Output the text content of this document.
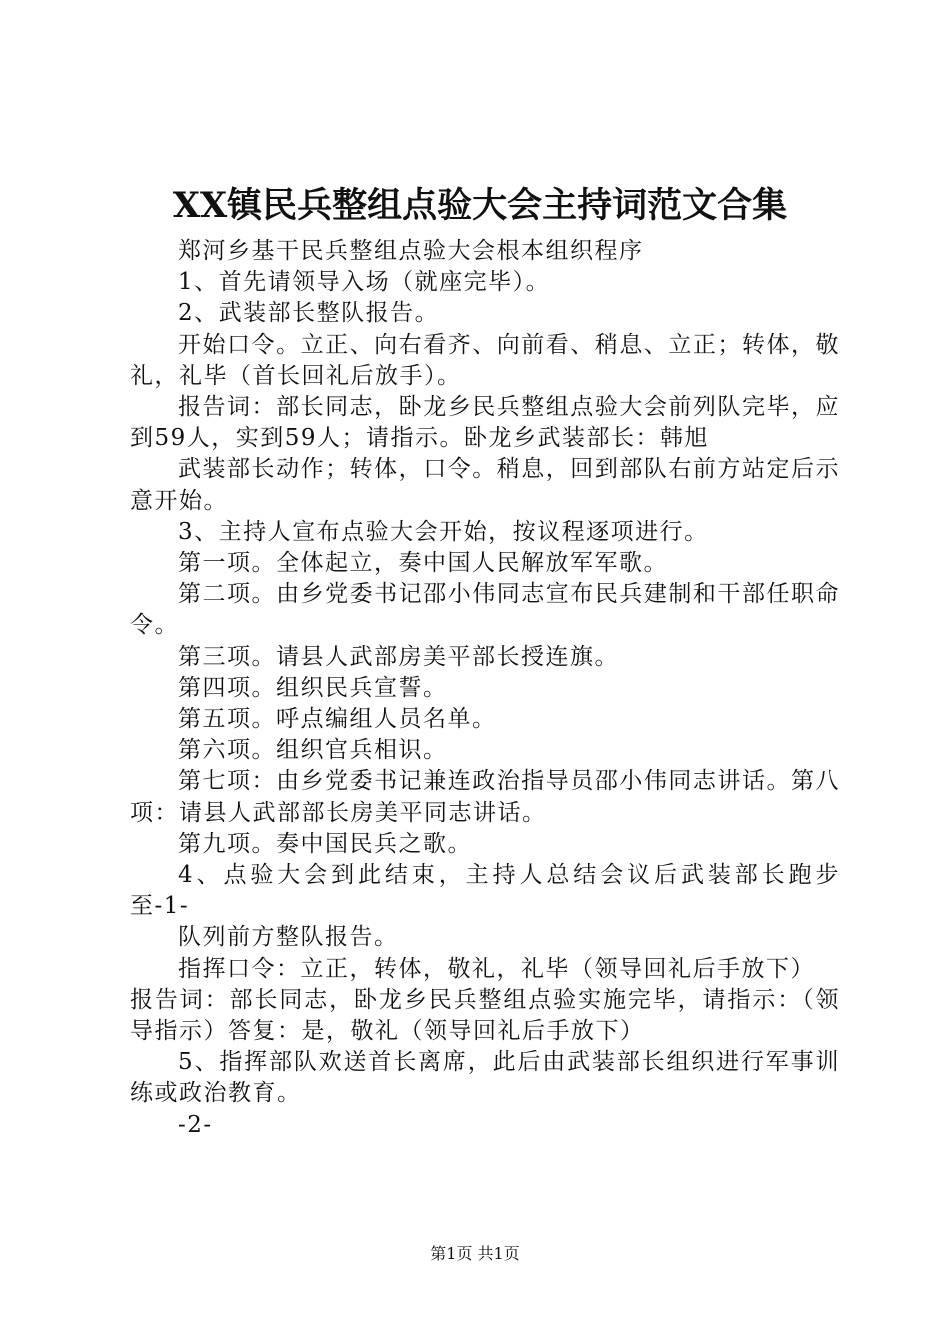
XX镇民兵整组点验大会主持词范文合集

郑河乡基干民兵整组点验大会根本组织程序

1、首先请领导入场（就座完毕）。

2、武装部长整队报告。

开始口令。立正、向右看齐、向前看、稍息、立正；转体，敬礼，礼毕（首长回礼后放手）。

报告词：部长同志，卧龙乡民兵整组点验大会前列队完毕，应到59人，实到59人；请指示。卧龙乡武装部长：韩旭

武装部长动作；转体，口令。稍息，回到部队右前方站定后示意开始。

3、主持人宣布点验大会开始，按议程逐项进行。

第一项。全体起立，奏中国人民解放军军歌。

第二项。由乡党委书记邵小伟同志宣布民兵建制和干部任职命令。

第三项。请县人武部房美平部长授连旗。

第四项。组织民兵宣誓。

第五项。呼点编组人员名单。

第六项。组织官兵相识。

第七项：由乡党委书记兼连政治指导员邵小伟同志讲话。第八项：请县人武部部长房美平同志讲话。

第九项。奏中国民兵之歌。

4、点验大会到此结束，主持人总结会议后武装部长跑步至-1-

队列前方整队报告。

指挥口令：立正，转体，敬礼，礼毕（领导回礼后手放下）

报告词：部长同志，卧龙乡民兵整组点验实施完毕，请指示：（领导指示）答复：是，敬礼（领导回礼后手放下）

5、指挥部队欢送首长离席，此后由武装部长组织进行军事训练或政治教育。

-2-

第1页 共1页
